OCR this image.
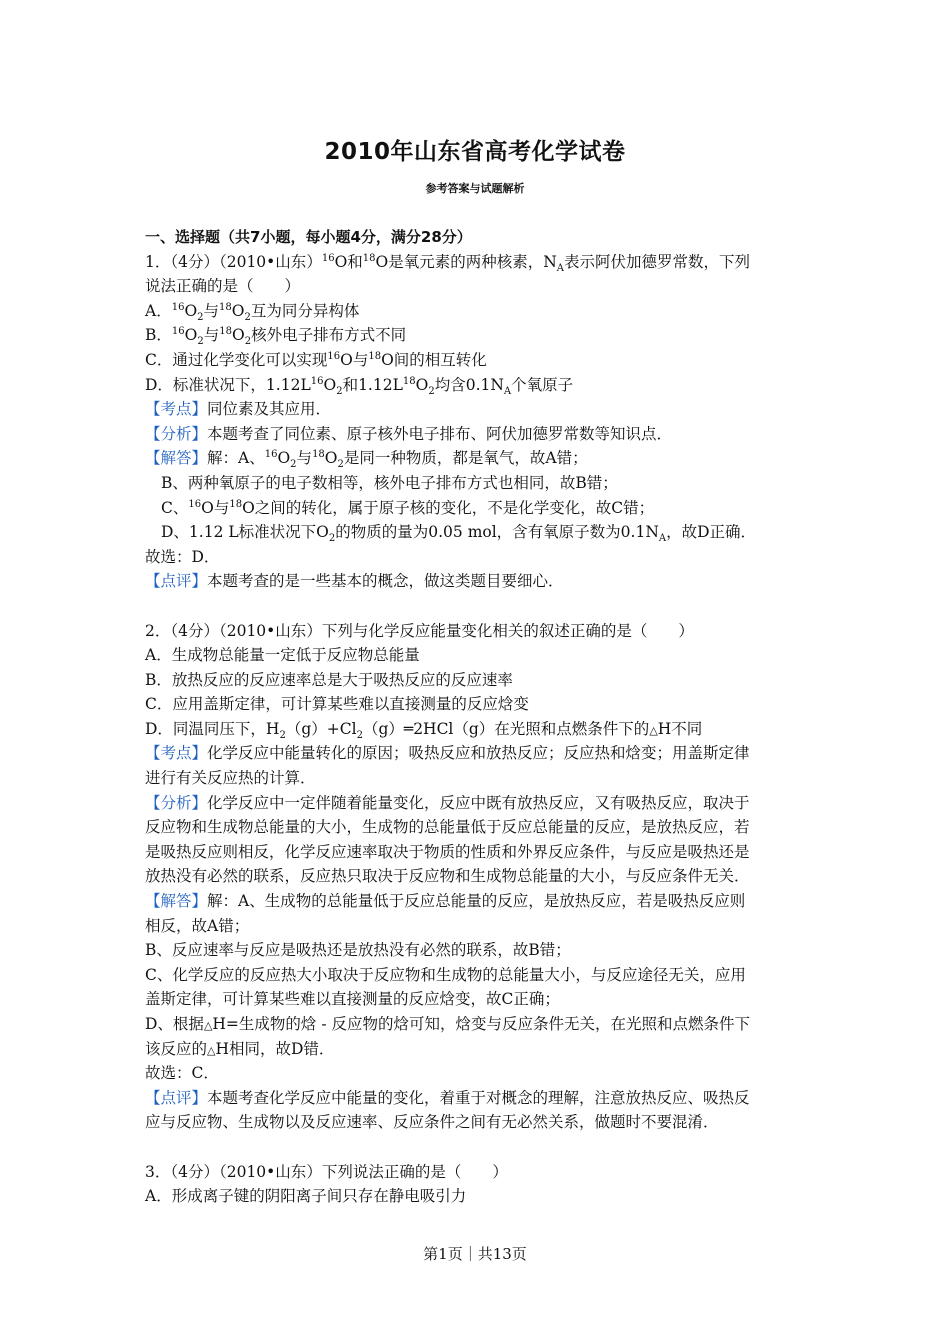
2010年山东省高考化学试卷
参考答案与试题解析
一、选择题（共7小题，每小题4分，满分28分）
1．（4分）（2010•山东）$^{16}$O和$^{18}$O是氧元素的两种核素，$N_A$表示阿伏加德罗常数，下列
说法正确的是（　　）
A．$^{16}O_2$与$^{18}O_2$互为同分异构体
B．$^{16}O_2$与$^{18}O_2$核外电子排布方式不同
C．通过化学变化可以实现$^{16}$O与$^{18}$O间的相互转化
D．标准状况下，$1.12L^{16}O_2$和$1.12L^{18}O_2$均含$0.1N_A$个氧原子
【考点】同位素及其应用．
【分析】本题考查了同位素、原子核外电子排布、阿伏加德罗常数等知识点．
【解答】解：A、$^{16}O_2$与$^{18}O_2$是同一种物质，都是氧气，故A错；
B、两种氧原子的电子数相等，核外电子排布方式也相同，故B错；
C、$^{16}$O与$^{18}$O之间的转化，属于原子核的变化，不是化学变化，故C错；
D、1.12 L标准状况下$O_2$的物质的量为0.05 mol，含有氧原子数为$0.1N_A$，故D正确．
故选：D．
【点评】本题考查的是一些基本的概念，做这类题目要细心．
2．（4分）（2010•山东）下列与化学反应能量变化相关的叙述正确的是（　　）
A．生成物总能量一定低于反应物总能量
B．放热反应的反应速率总是大于吸热反应的反应速率
C．应用盖斯定律，可计算某些难以直接测量的反应焓变
D．同温同压下，$H_2(g)+Cl_2(g)═2HCl(g)$在光照和点燃条件下的△H不同
【考点】化学反应中能量转化的原因；吸热反应和放热反应；反应热和焓变；用盖斯定律
进行有关反应热的计算．
【分析】化学反应中一定伴随着能量变化，反应中既有放热反应，又有吸热反应，取决于
反应物和生成物总能量的大小，生成物的总能量低于反应总能量的反应，是放热反应，若
是吸热反应则相反，化学反应速率取决于物质的性质和外界反应条件，与反应是吸热还是
放热没有必然的联系，反应热只取决于反应物和生成物总能量的大小，与反应条件无关．
【解答】解：A、生成物的总能量低于反应总能量的反应，是放热反应，若是吸热反应则
相反，故A错；
B、反应速率与反应是吸热还是放热没有必然的联系，故B错；
C、化学反应的反应热大小取决于反应物和生成物的总能量大小，与反应途径无关，应用
盖斯定律，可计算某些难以直接测量的反应焓变，故C正确；
D、根据△H=生成物的焓 - 反应物的焓可知，焓变与反应条件无关，在光照和点燃条件下
该反应的△H相同，故D错．
故选：C．
【点评】本题考查化学反应中能量的变化，着重于对概念的理解，注意放热反应、吸热反
应与反应物、生成物以及反应速率、反应条件之间有无必然关系，做题时不要混淆．
3．（4分）（2010•山东）下列说法正确的是（　　）
A．形成离子键的阴阳离子间只存在静电吸引力
第1页｜共13页
